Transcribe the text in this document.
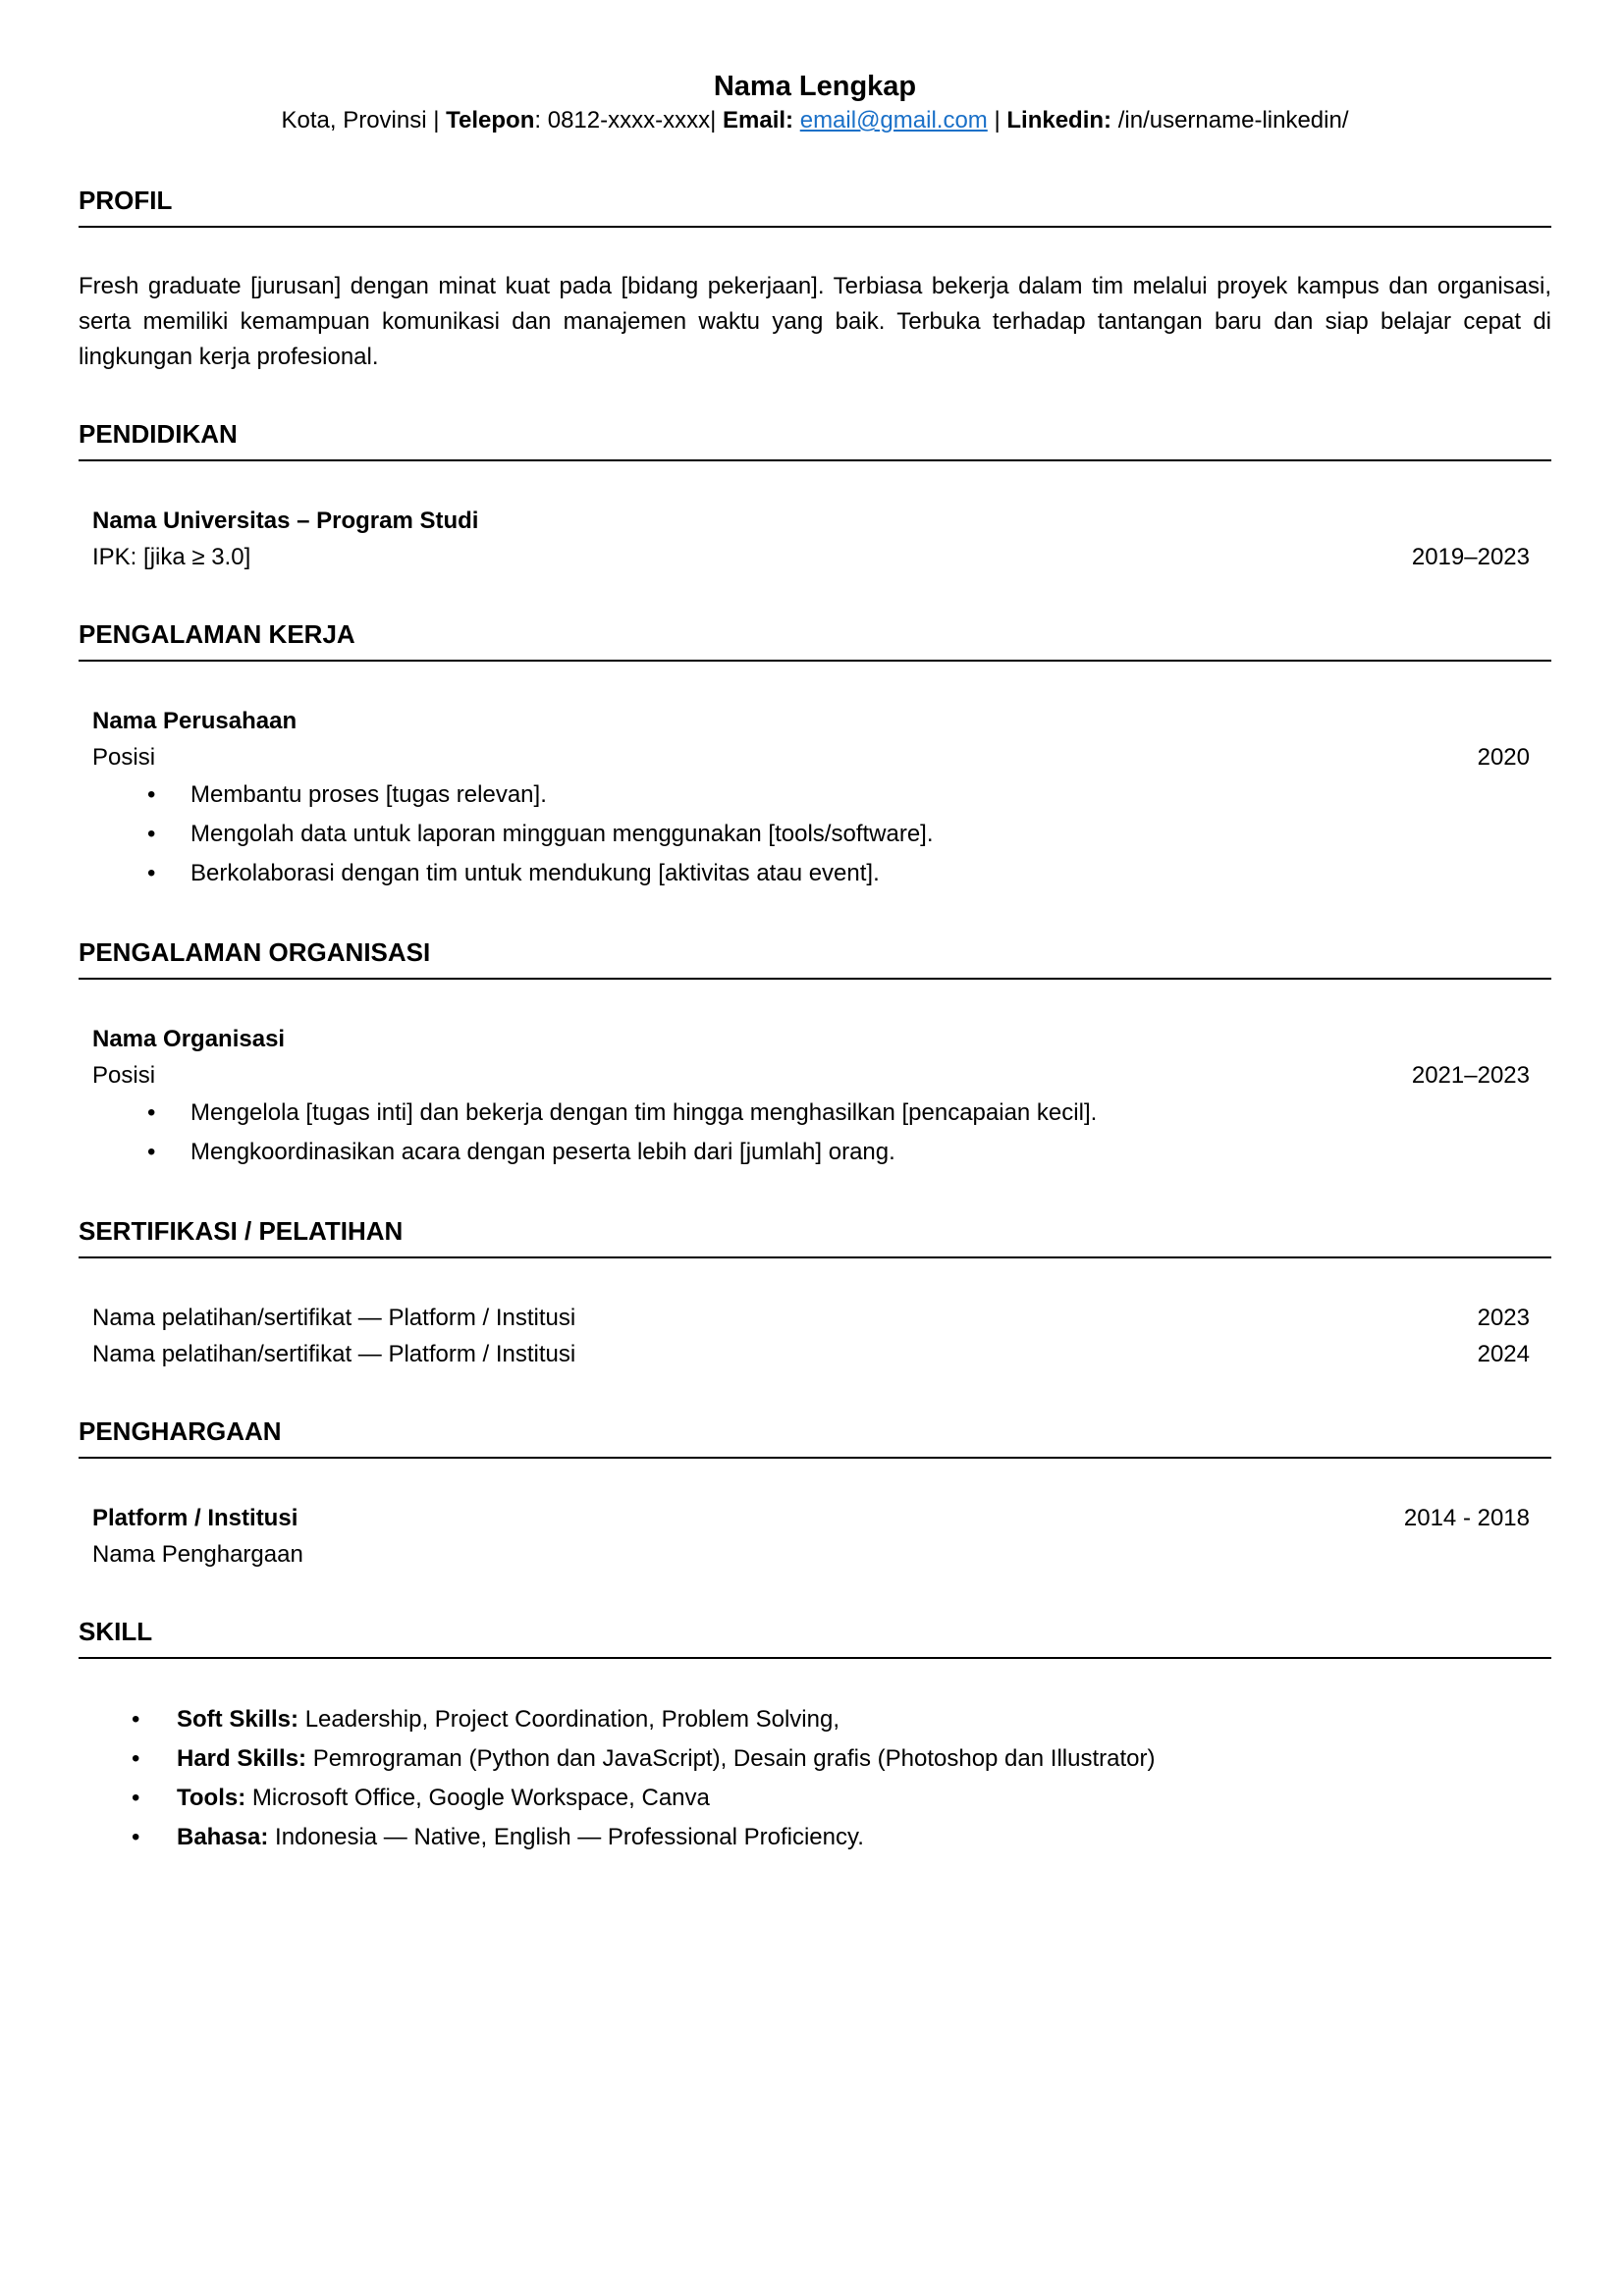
Nama Lengkap
Kota, Provinsi | Telepon: 0812-xxxx-xxxx| Email: email@gmail.com | Linkedin: /in/username-linkedin/
PROFIL

Fresh graduate [jurusan] dengan minat kuat pada [bidang pekerjaan]. Terbiasa bekerja dalam tim melalui proyek kampus dan organisasi, serta memiliki kemampuan komunikasi dan manajemen waktu yang baik. Terbuka terhadap tantangan baru dan siap belajar cepat di lingkungan kerja profesional.

PENDIDIKAN
Nama Universitas – Program Studi
IPK: [jika ≥ 3.0]	2019–2023
PENGALAMAN KERJA
Nama Perusahaan
Posisi	2020
• Membantu proses [tugas relevan].
• Mengolah data untuk laporan mingguan menggunakan [tools/software].
• Berkolaborasi dengan tim untuk mendukung [aktivitas atau event].
PENGALAMAN ORGANISASI
Nama Organisasi
Posisi	2021–2023
• Mengelola [tugas inti] dan bekerja dengan tim hingga menghasilkan [pencapaian kecil].
• Mengkoordinasikan acara dengan peserta lebih dari [jumlah] orang.
SERTIFIKASI / PELATIHAN
Nama pelatihan/sertifikat — Platform / Institusi	2023
Nama pelatihan/sertifikat — Platform / Institusi	2024
PENGHARGAAN
Platform / Institusi	2014 - 2018
Nama Penghargaan
SKILL
• Soft Skills: Leadership, Project Coordination, Problem Solving,
• Hard Skills: Pemrograman (Python dan JavaScript), Desain grafis (Photoshop dan Illustrator)
• Tools: Microsoft Office, Google Workspace, Canva
• Bahasa: Indonesia — Native, English — Professional Proficiency.
